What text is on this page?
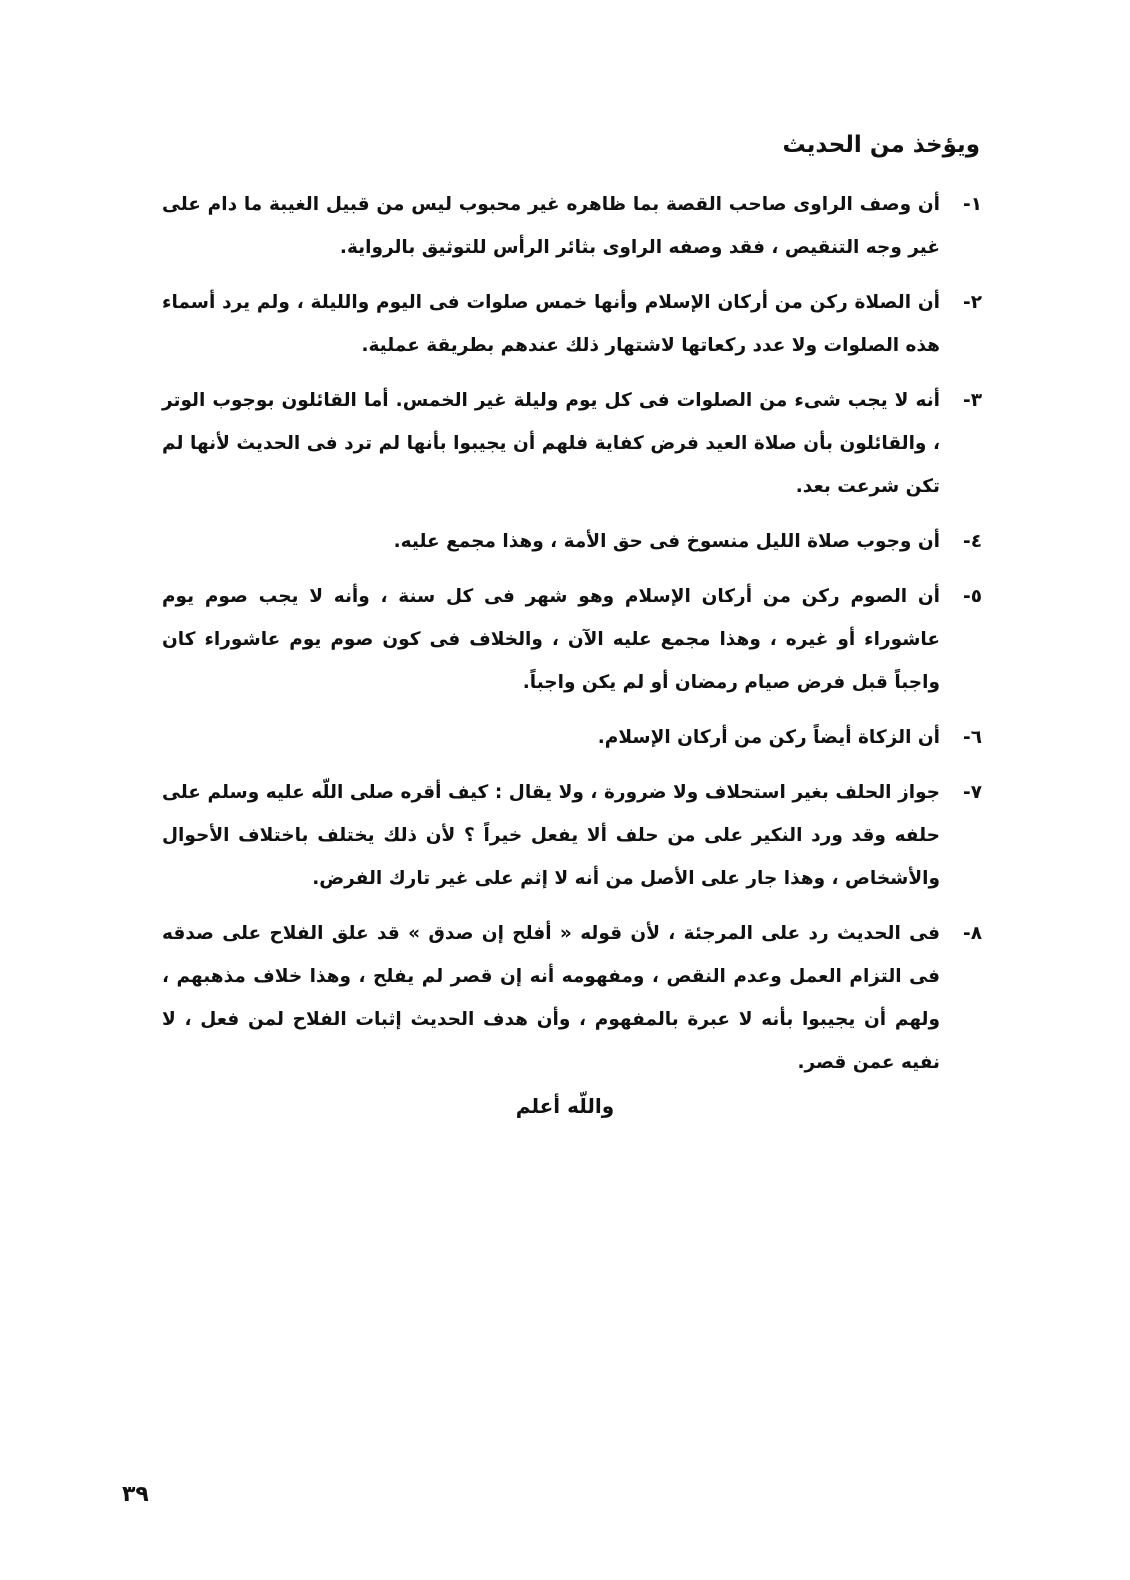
ويؤخذ من الحديث
١-
أن وصف الراوى صاحب القصة بما ظاهره غير محبوب ليس من قبيل الغيبة ما دام على غير وجه التنقيص ، فقد وصفه الراوى بثائر الرأس للتوثيق بالرواية.
٢-
أن الصلاة ركن من أركان الإسلام وأنها خمس صلوات فى اليوم والليلة ، ولم يرد أسماء هذه الصلوات ولا عدد ركعاتها لاشتهار ذلك عندهم بطريقة عملية.
٣-
أنه لا يجب شىء من الصلوات فى كل يوم وليلة غير الخمس. أما القائلون بوجوب الوتر ، والقائلون بأن صلاة العيد فرض كفاية فلهم أن يجيبوا بأنها لم ترد فى الحديث لأنها لم تكن شرعت بعد.
٤-
أن وجوب صلاة الليل منسوخ فى حق الأمة ، وهذا مجمع عليه.
٥-
أن الصوم ركن من أركان الإسلام وهو شهر فى كل سنة ، وأنه لا يجب صوم يوم عاشوراء أو غيره ، وهذا مجمع عليه الآن ، والخلاف فى كون صوم يوم عاشوراء كان واجباً قبل فرض صيام رمضان أو لم يكن واجباً.
٦-
أن الزكاة أيضاً ركن من أركان الإسلام.
٧-
جواز الحلف بغير استحلاف ولا ضرورة ، ولا يقال : كيف أقره صلى اللّه عليه وسلم على حلفه وقد ورد النكير على من حلف ألا يفعل خيراً ؟ لأن ذلك يختلف باختلاف الأحوال والأشخاص ، وهذا جار على الأصل من أنه لا إثم على غير تارك الفرض.
٨-
فى الحديث رد على المرجئة ، لأن قوله « أفلح إن صدق » قد علق الفلاح على صدقه فى التزام العمل وعدم النقص ، ومفهومه أنه إن قصر لم يفلح ، وهذا خلاف مذهبهم ، ولهم أن يجيبوا بأنه لا عبرة بالمفهوم ، وأن هدف الحديث إثبات الفلاح لمن فعل ، لا نفيه عمن قصر.
واللّه أعلم
٣٩
